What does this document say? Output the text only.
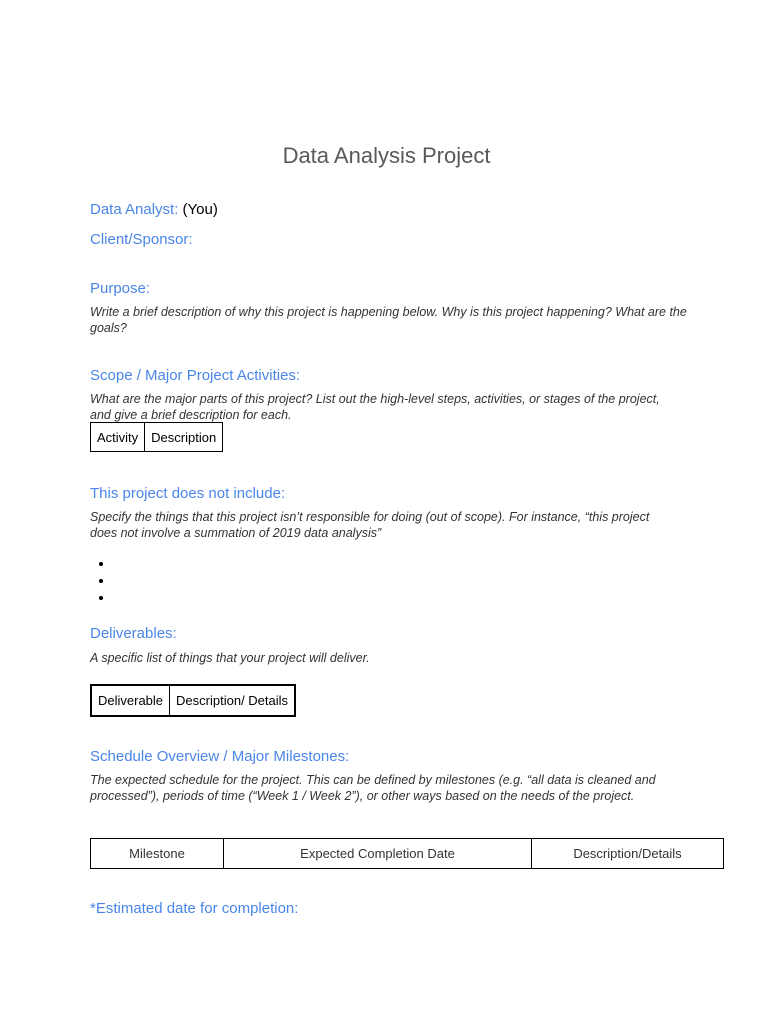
Data Analysis Project
Data Analyst: (You)
Client/Sponsor:
Purpose:
Write a brief description of why this project is happening below. Why is this project happening? What are the goals?
Scope / Major Project Activities:
What are the major parts of this project? List out the high-level steps, activities, or stages of the project, and give a brief description for each.
Activity	Description
This project does not include:
Specify the things that this project isn’t responsible for doing (out of scope). For instance, “this project does not involve a summation of 2019 data analysis”
Deliverables:
A specific list of things that your project will deliver.
Deliverable	Description/ Details
Schedule Overview / Major Milestones:
The expected schedule for the project. This can be defined by milestones (e.g. “all data is cleaned and processed”), periods of time (“Week 1 / Week 2”), or other ways based on the needs of the project.
Milestone	Expected Completion Date	Description/Details
*Estimated date for completion:
